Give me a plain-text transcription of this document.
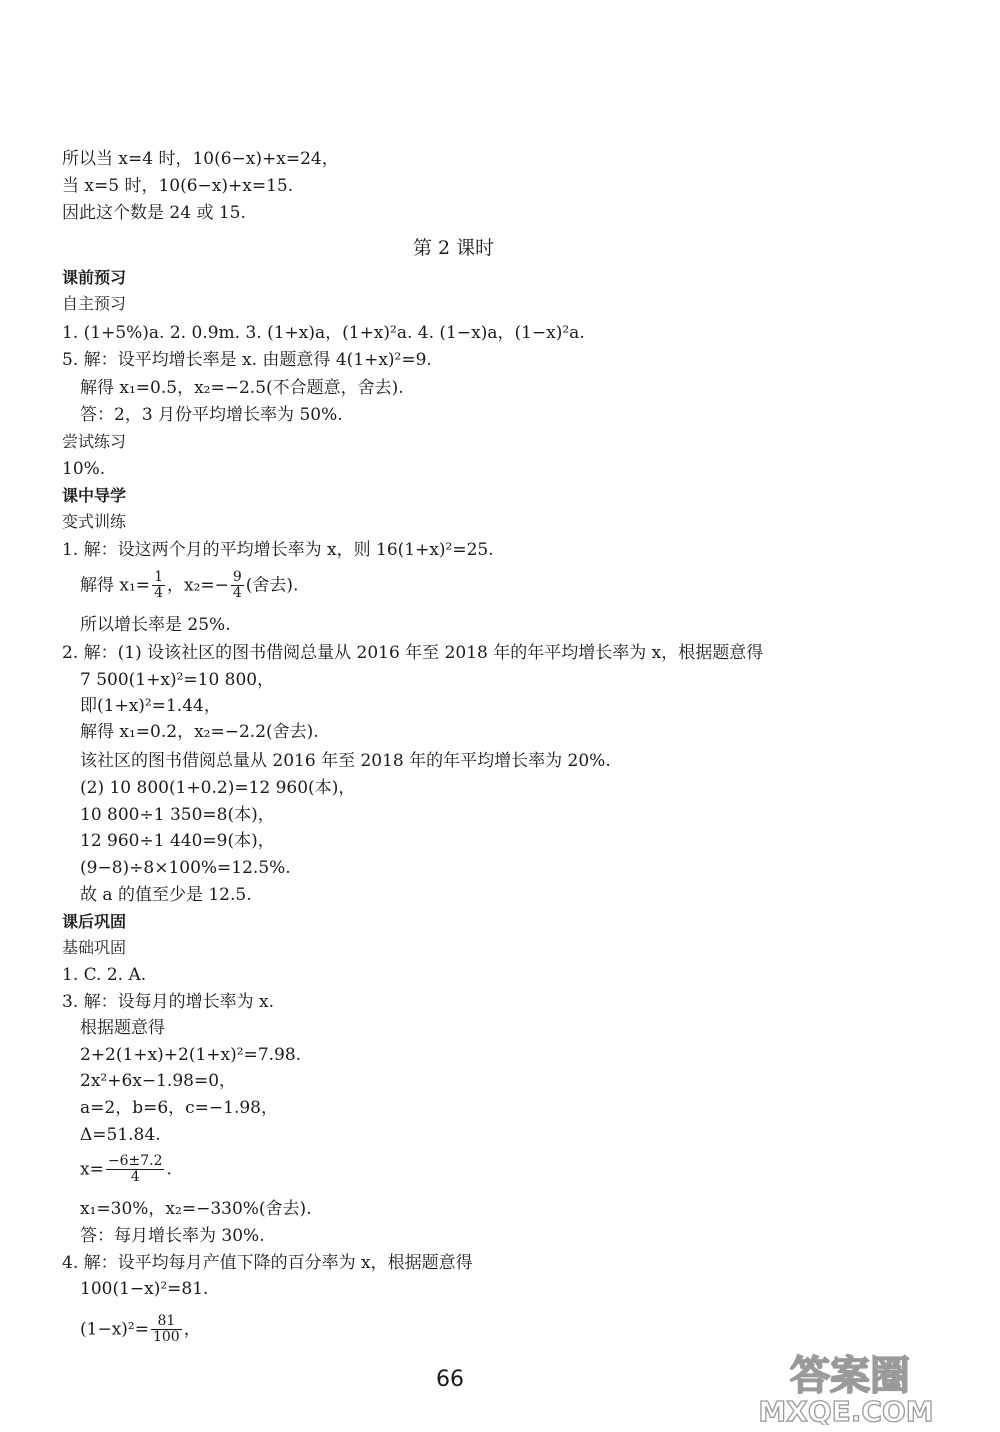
所以当 x=4 时，10(6−x)+x=24，
当 x=5 时，10(6−x)+x=15.
因此这个数是 24 或 15.
第 2 课时
课前预习
自主预习
1. (1+5%)a. 2. 0.9m. 3. (1+x)a，(1+x)²a. 4. (1−x)a，(1−x)²a.
5. 解：设平均增长率是 x. 由题意得 4(1+x)²=9.
解得 x₁=0.5，x₂=−2.5(不合题意，舍去).
答：2，3 月份平均增长率为 50%.
尝试练习
10%.
课中导学
变式训练
1. 解：设这两个月的平均增长率为 x，则 16(1+x)²=25.
解得 $x_1= \frac{1}{4}$ ，$x_2=- \frac{9}{4}$ (舍去).
所以增长率是 25%.
2. 解：(1) 设该社区的图书借阅总量从 2016 年至 2018 年的年平均增长率为 x，根据题意得
7 500(1+x)²=10 800，
即(1+x)²=1.44，
解得 x₁=0.2，x₂=−2.2(舍去).
该社区的图书借阅总量从 2016 年至 2018 年的年平均增长率为 20%.
(2) 10 800(1+0.2)=12 960(本)，
10 800÷1 350=8(本)，
12 960÷1 440=9(本)，
(9−8)÷8×100%=12.5%.
故 a 的值至少是 12.5.
课后巩固
基础巩固
1. C. 2. A.
3. 解：设每月的增长率为 x.
根据题意得
2+2(1+x)+2(1+x)²=7.98.
2x²+6x−1.98=0，
a=2，b=6，c=−1.98，
Δ=51.84.
$x= \frac{-6\pm 7.2}{4}$ .
x₁=30%，x₂=−330%(舍去).
答：每月增长率为 30%.
4. 解：设平均每月产值下降的百分率为 x，根据题意得
100(1−x)²=81.
$(1-x)^2= \frac{81}{100}$ ，
66	答案圈
MXQE.COM
